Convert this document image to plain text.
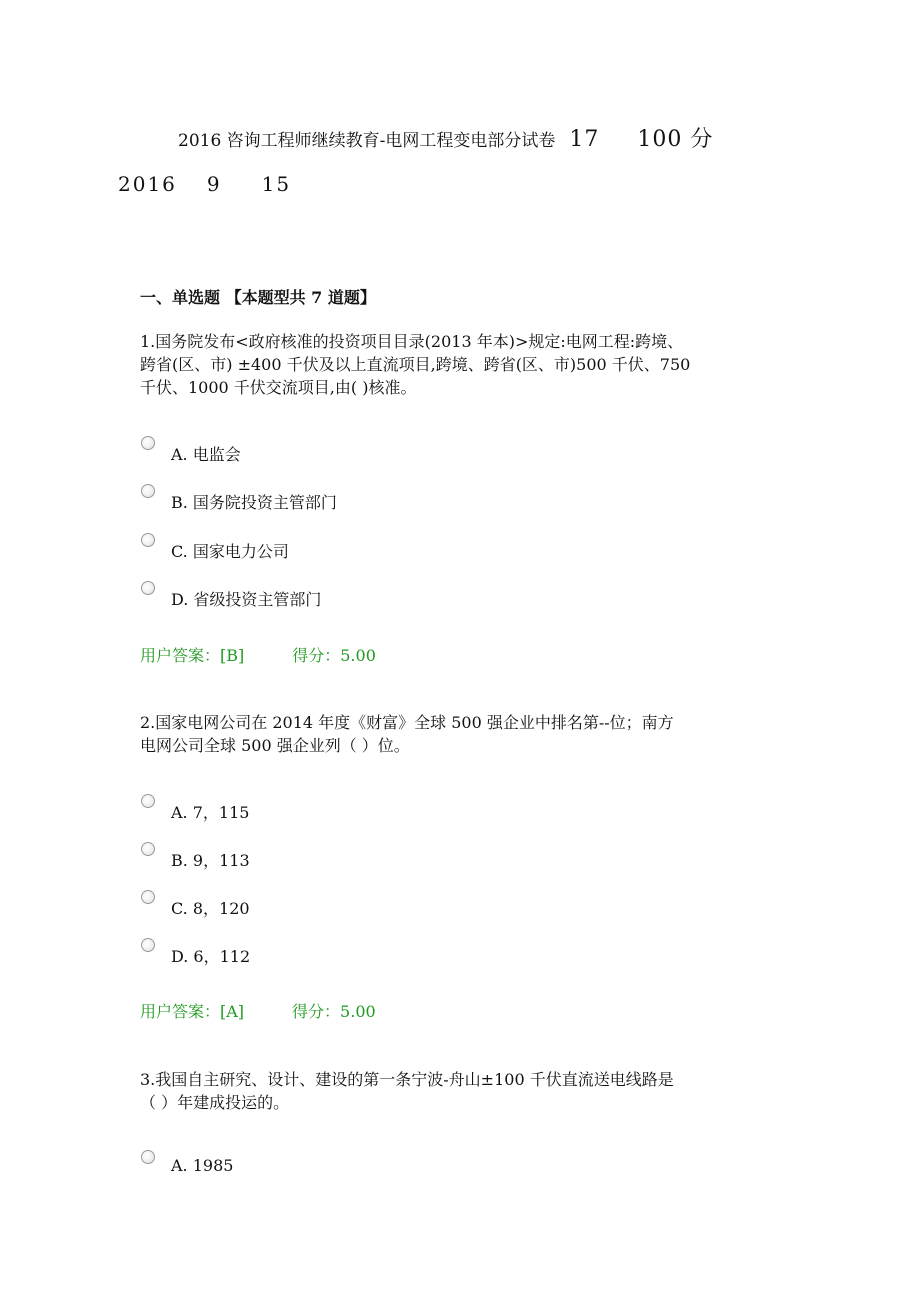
2016 咨询工程师继续教育-电网工程变电部分试卷 17 100 分
2016 9 15
一、单选题 【本题型共 7 道题】
1.国务院发布<政府核准的投资项目目录(2013 年本)>规定:电网工程:跨境、
跨省(区、市) ±400 千伏及以上直流项目,跨境、跨省(区、市)500 千伏、750
千伏、1000 千伏交流项目,由( )核准。
A. 电监会
B. 国务院投资主管部门
C. 国家电力公司
D. 省级投资主管部门
用户答案：[B]	得分：5.00
2.国家电网公司在 2014 年度《财富》全球 500 强企业中排名第--位；南方
电网公司全球 500 强企业列（ ）位。
A. 7，115
B. 9，113
C. 8，120
D. 6，112
用户答案：[A]	得分：5.00
3.我国自主研究、设计、建设的第一条宁波-舟山±100 千伏直流送电线路是
（ ）年建成投运的。
A. 1985
